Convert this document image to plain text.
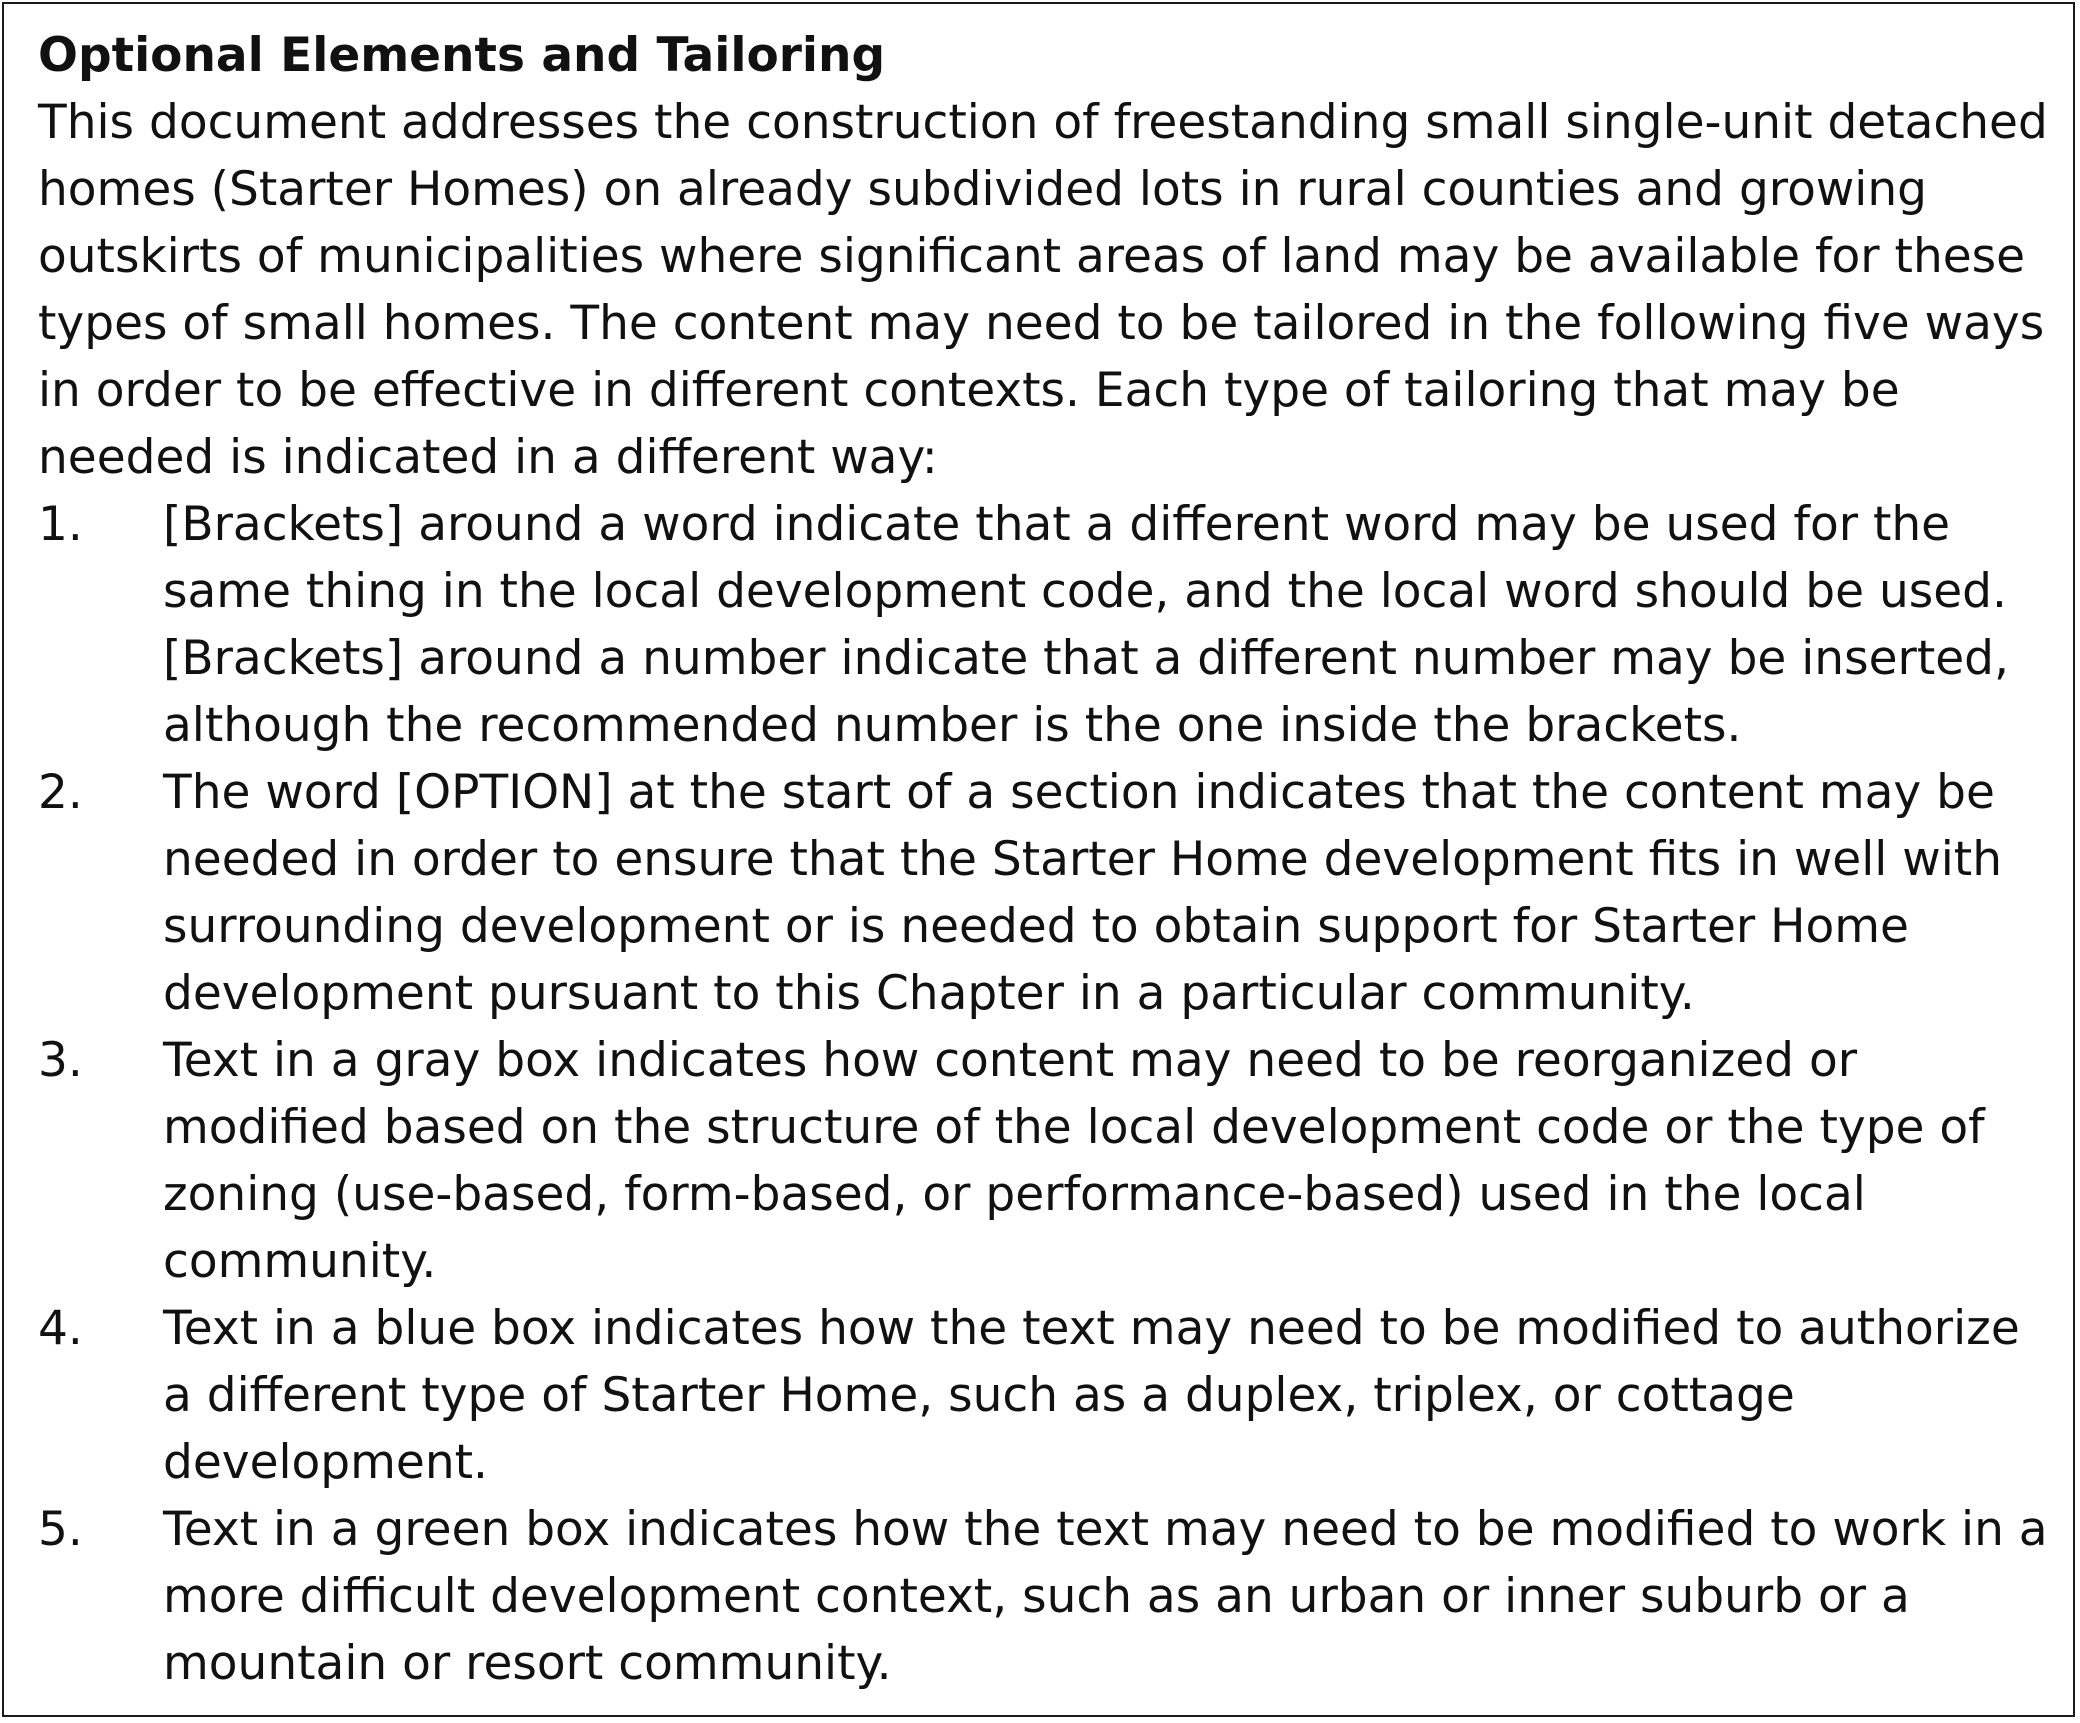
Optional Elements and Tailoring

This document addresses the construction of freestanding small single-unit detached homes (Starter Homes) on already subdivided lots in rural counties and growing outskirts of municipalities where significant areas of land may be available for these types of small homes. The content may need to be tailored in the following five ways in order to be effective in different contexts. Each type of tailoring that may be needed is indicated in a different way:

1. [Brackets] around a word indicate that a different word may be used for the same thing in the local development code, and the local word should be used. [Brackets] around a number indicate that a different number may be inserted, although the recommended number is the one inside the brackets.
2. The word [OPTION] at the start of a section indicates that the content may be needed in order to ensure that the Starter Home development fits in well with surrounding development or is needed to obtain support for Starter Home development pursuant to this Chapter in a particular community.
3. Text in a gray box indicates how content may need to be reorganized or modified based on the structure of the local development code or the type of zoning (use-based, form-based, or performance-based) used in the local community.
4. Text in a blue box indicates how the text may need to be modified to authorize a different type of Starter Home, such as a duplex, triplex, or cottage development.
5. Text in a green box indicates how the text may need to be modified to work in a more difficult development context, such as an urban or inner suburb or a mountain or resort community.
